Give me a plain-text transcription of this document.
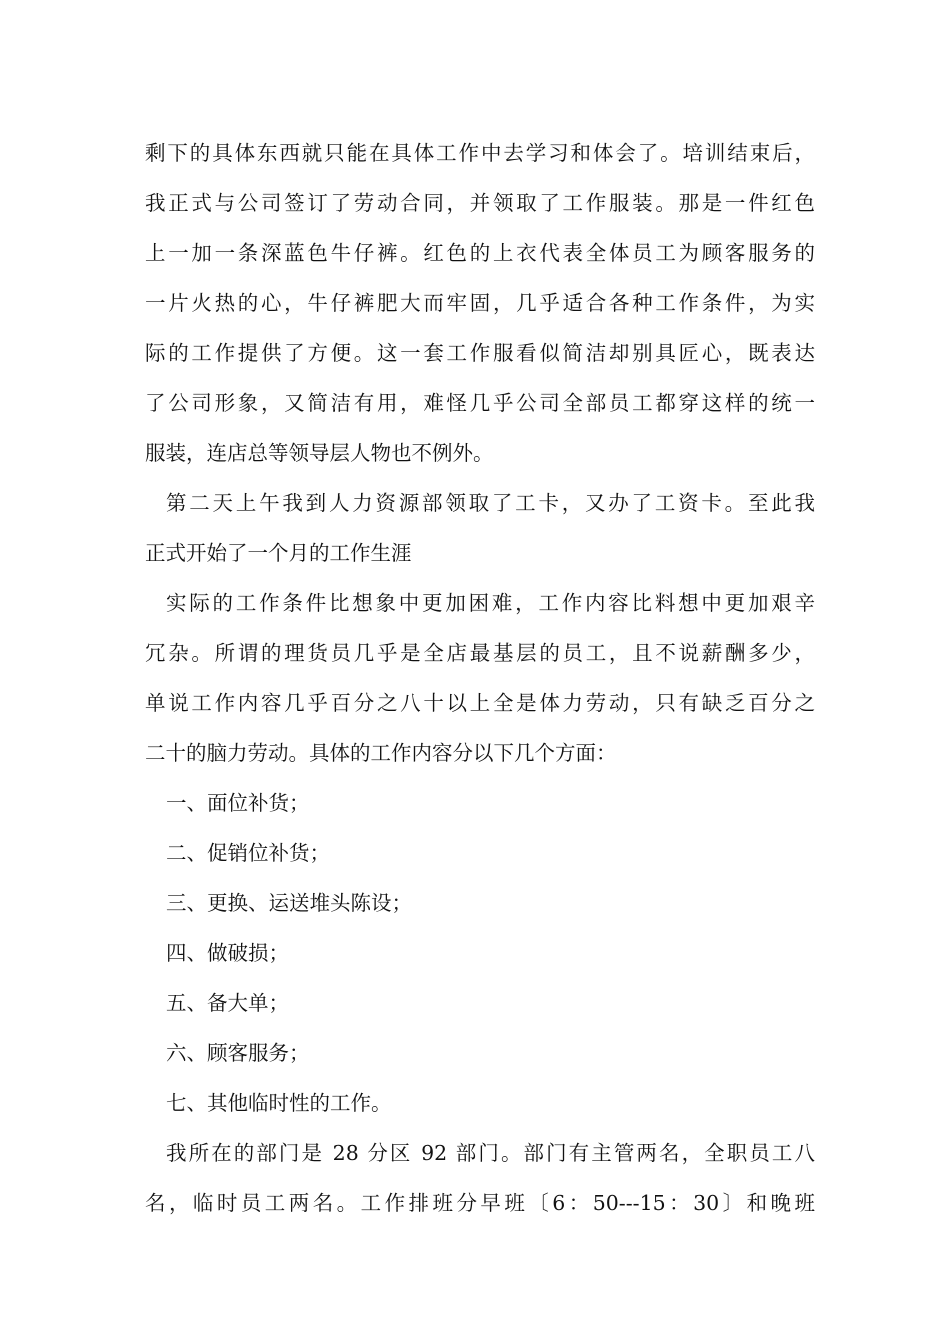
剩下的具体东西就只能在具体工作中去学习和体会了。培训结束后，
我正式与公司签订了劳动合同，并领取了工作服装。那是一件红色
上一加一条深蓝色牛仔裤。红色的上衣代表全体员工为顾客服务的
一片火热的心，牛仔裤肥大而牢固，几乎适合各种工作条件，为实
际的工作提供了方便。这一套工作服看似简洁却别具匠心，既表达
了公司形象，又简洁有用，难怪几乎公司全部员工都穿这样的统一
服装，连店总等领导层人物也不例外。
第二天上午我到人力资源部领取了工卡，又办了工资卡。至此我
正式开始了一个月的工作生涯
实际的工作条件比想象中更加困难，工作内容比料想中更加艰辛
冗杂。所谓的理货员几乎是全店最基层的员工，且不说薪酬多少，
单说工作内容几乎百分之八十以上全是体力劳动，只有缺乏百分之
二十的脑力劳动。具体的工作内容分以下几个方面：
一、面位补货；
二、促销位补货；
三、更换、运送堆头陈设；
四、做破损；
五、备大单；
六、顾客服务；
七、其他临时性的工作。
我所在的部门是 28 分区 92 部门。部门有主管两名，全职员工八
名，临时员工两名。工作排班分早班〔6：50---15：30〕和晚班
